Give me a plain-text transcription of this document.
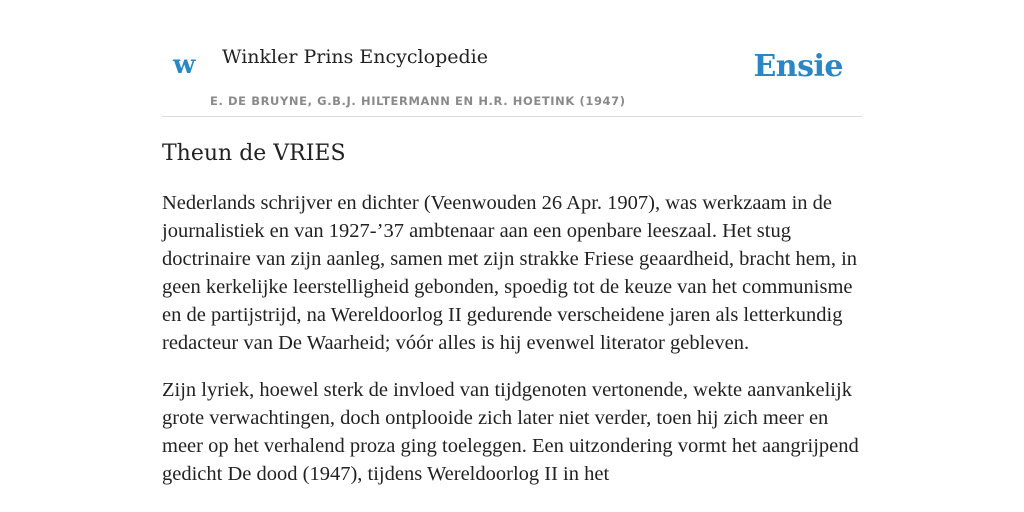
w Winkler Prins Encyclopedie
E. DE BRUYNE, G.B.J. HILTERMANN EN H.R. HOETINK (1947)
Ensie
Theun de VRIES

Nederlands schrijver en dichter (Veenwouden 26 Apr. 1907), was werkzaam in de journalistiek en van 1927-’37 ambtenaar aan een openbare leeszaal. Het stug doctrinaire van zijn aanleg, samen met zijn strakke Friese geaardheid, bracht hem, in geen kerkelijke leerstelligheid gebonden, spoedig tot de keuze van het communisme en de partijstrijd, na Wereldoorlog II gedurende verscheidene jaren als letterkundig redacteur van De Waarheid; vóór alles is hij evenwel literator gebleven.

Zijn lyriek, hoewel sterk de invloed van tijdgenoten vertonende, wekte aanvankelijk grote verwachtingen, doch ontplooide zich later niet verder, toen hij zich meer en meer op het verhalend proza ging toeleggen. Een uitzondering vormt het aangrijpend gedicht De dood (1947), tijdens Wereldoorlog II in het
